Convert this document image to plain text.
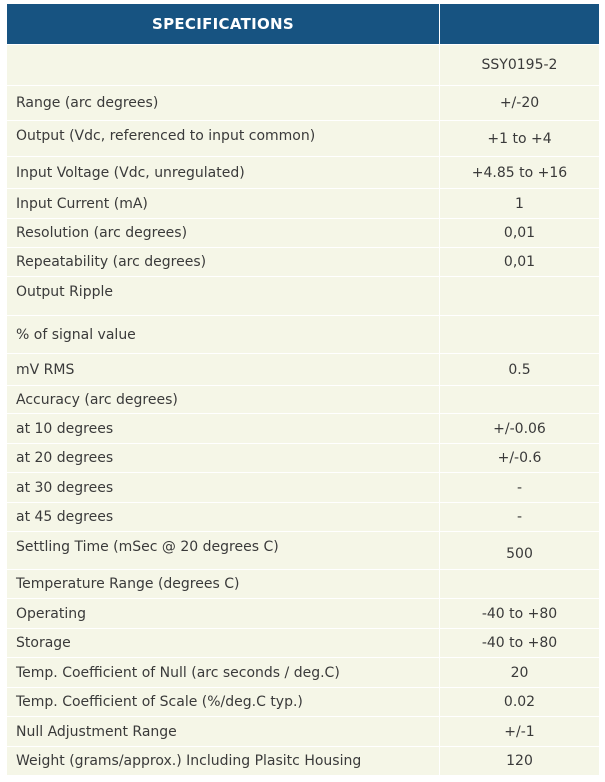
SPECIFICATIONS	
	SSY0195-2
Range (arc degrees)	+/-20
Output (Vdc, referenced to input common)	+1 to +4
Input Voltage (Vdc, unregulated)	+4.85 to +16
Input Current (mA)	1
Resolution (arc degrees)	0,01
Repeatability (arc degrees)	0,01
Output Ripple	
% of signal value	
mV RMS	0.5
Accuracy (arc degrees)	
at 10 degrees	+/-0.06
at 20 degrees	+/-0.6
at 30 degrees	-
at 45 degrees	-
Settling Time (mSec @ 20 degrees C)	500
Temperature Range (degrees C)	
Operating	-40 to +80
Storage	-40 to +80
Temp. Coefficient of Null (arc seconds / deg.C)	20
Temp. Coefficient of Scale (%/deg.C typ.)	0.02
Null Adjustment Range	+/-1
Weight (grams/approx.) Including Plasitc Housing	120
